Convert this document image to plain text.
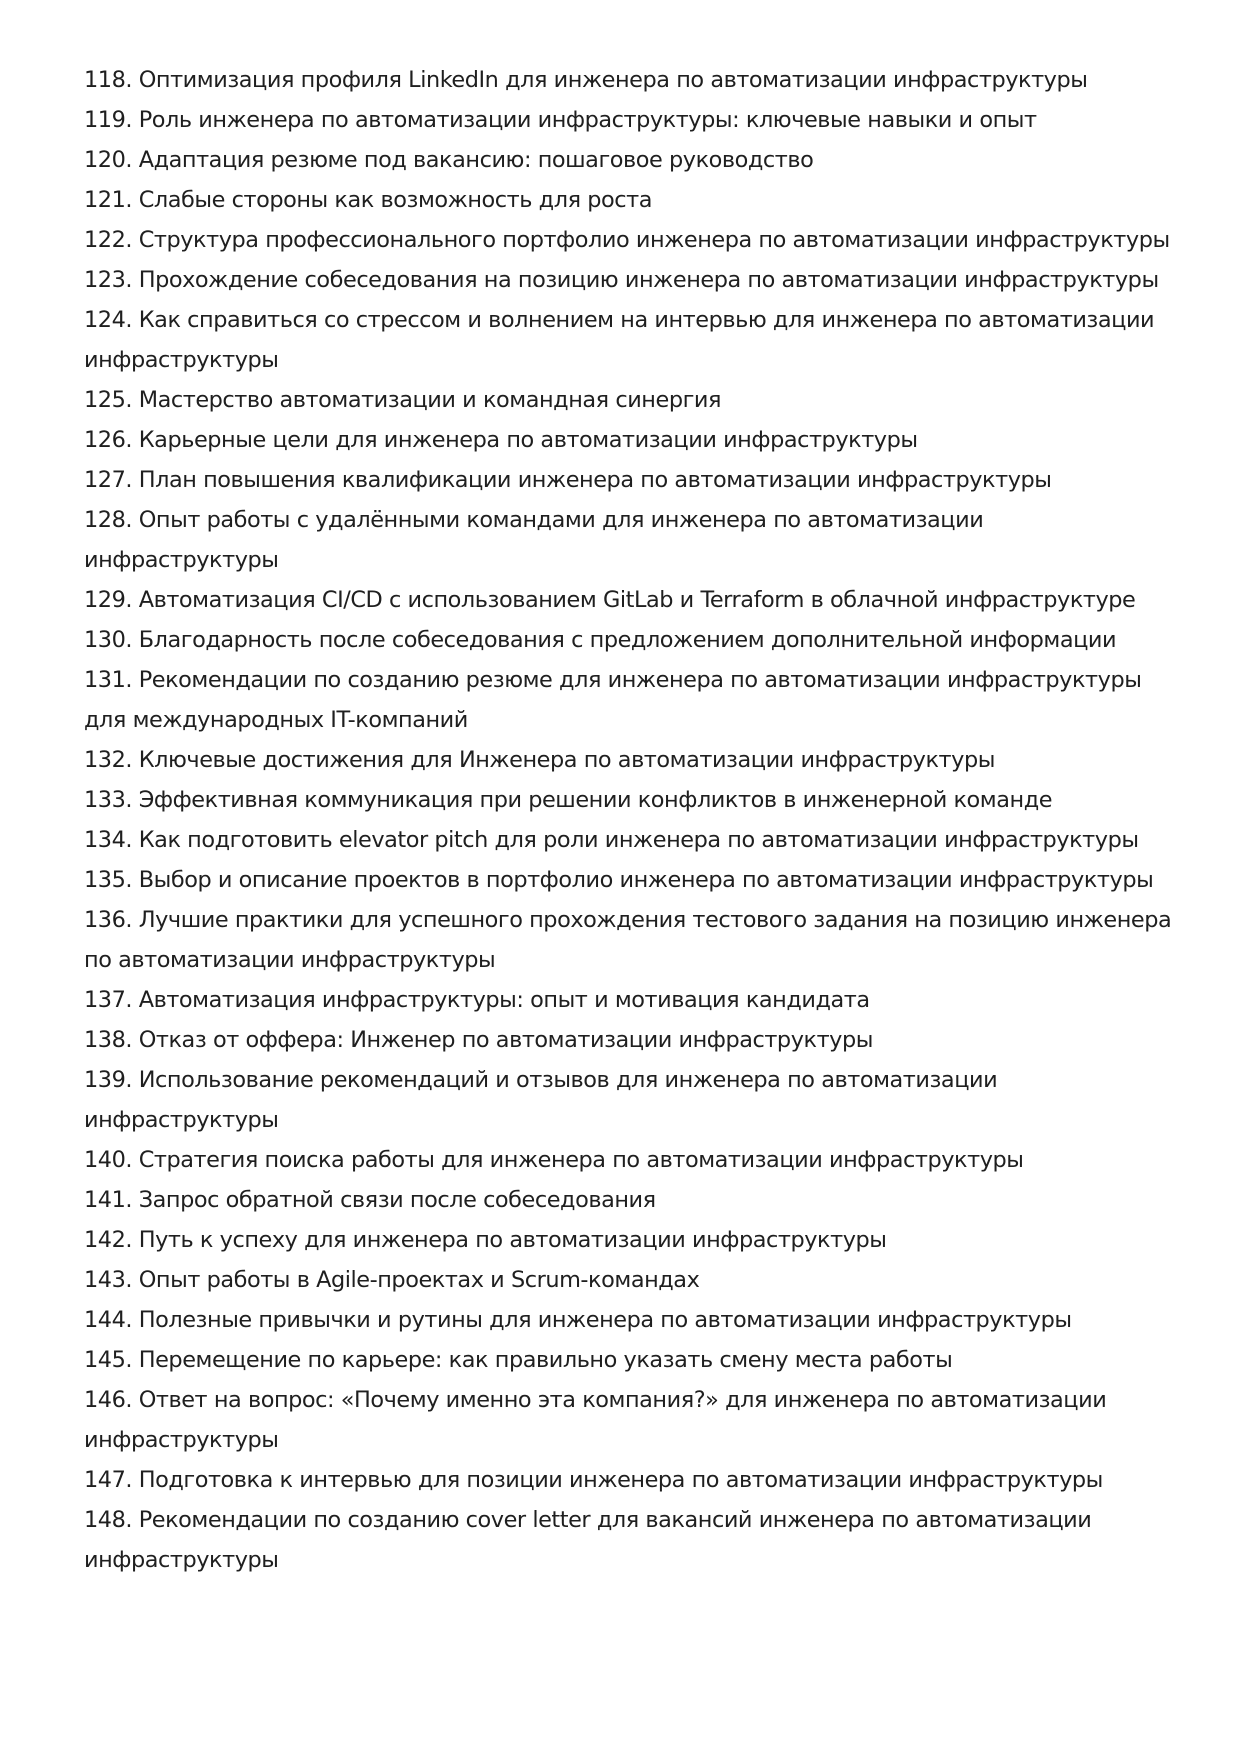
118. Оптимизация профиля LinkedIn для инженера по автоматизации инфраструктуры

119. Роль инженера по автоматизации инфраструктуры: ключевые навыки и опыт

120. Адаптация резюме под вакансию: пошаговое руководство

121. Слабые стороны как возможность для роста

122. Структура профессионального портфолио инженера по автоматизации инфраструктуры

123. Прохождение собеседования на позицию инженера по автоматизации инфраструктуры

124. Как справиться со стрессом и волнением на интервью для инженера по автоматизации инфраструктуры

125. Мастерство автоматизации и командная синергия

126. Карьерные цели для инженера по автоматизации инфраструктуры

127. План повышения квалификации инженера по автоматизации инфраструктуры

128. Опыт работы с удалёнными командами для инженера по автоматизации инфраструктуры

129. Автоматизация CI/CD с использованием GitLab и Terraform в облачной инфраструктуре

130. Благодарность после собеседования с предложением дополнительной информации

131. Рекомендации по созданию резюме для инженера по автоматизации инфраструктуры для международных IT-компаний

132. Ключевые достижения для Инженера по автоматизации инфраструктуры

133. Эффективная коммуникация при решении конфликтов в инженерной команде

134. Как подготовить elevator pitch для роли инженера по автоматизации инфраструктуры

135. Выбор и описание проектов в портфолио инженера по автоматизации инфраструктуры

136. Лучшие практики для успешного прохождения тестового задания на позицию инженера по автоматизации инфраструктуры

137. Автоматизация инфраструктуры: опыт и мотивация кандидата

138. Отказ от оффера: Инженер по автоматизации инфраструктуры

139. Использование рекомендаций и отзывов для инженера по автоматизации инфраструктуры

140. Стратегия поиска работы для инженера по автоматизации инфраструктуры

141. Запрос обратной связи после собеседования

142. Путь к успеху для инженера по автоматизации инфраструктуры

143. Опыт работы в Agile-проектах и Scrum-командах

144. Полезные привычки и рутины для инженера по автоматизации инфраструктуры

145. Перемещение по карьере: как правильно указать смену места работы

146. Ответ на вопрос: «Почему именно эта компания?» для инженера по автоматизации инфраструктуры

147. Подготовка к интервью для позиции инженера по автоматизации инфраструктуры

148. Рекомендации по созданию cover letter для вакансий инженера по автоматизации инфраструктуры
